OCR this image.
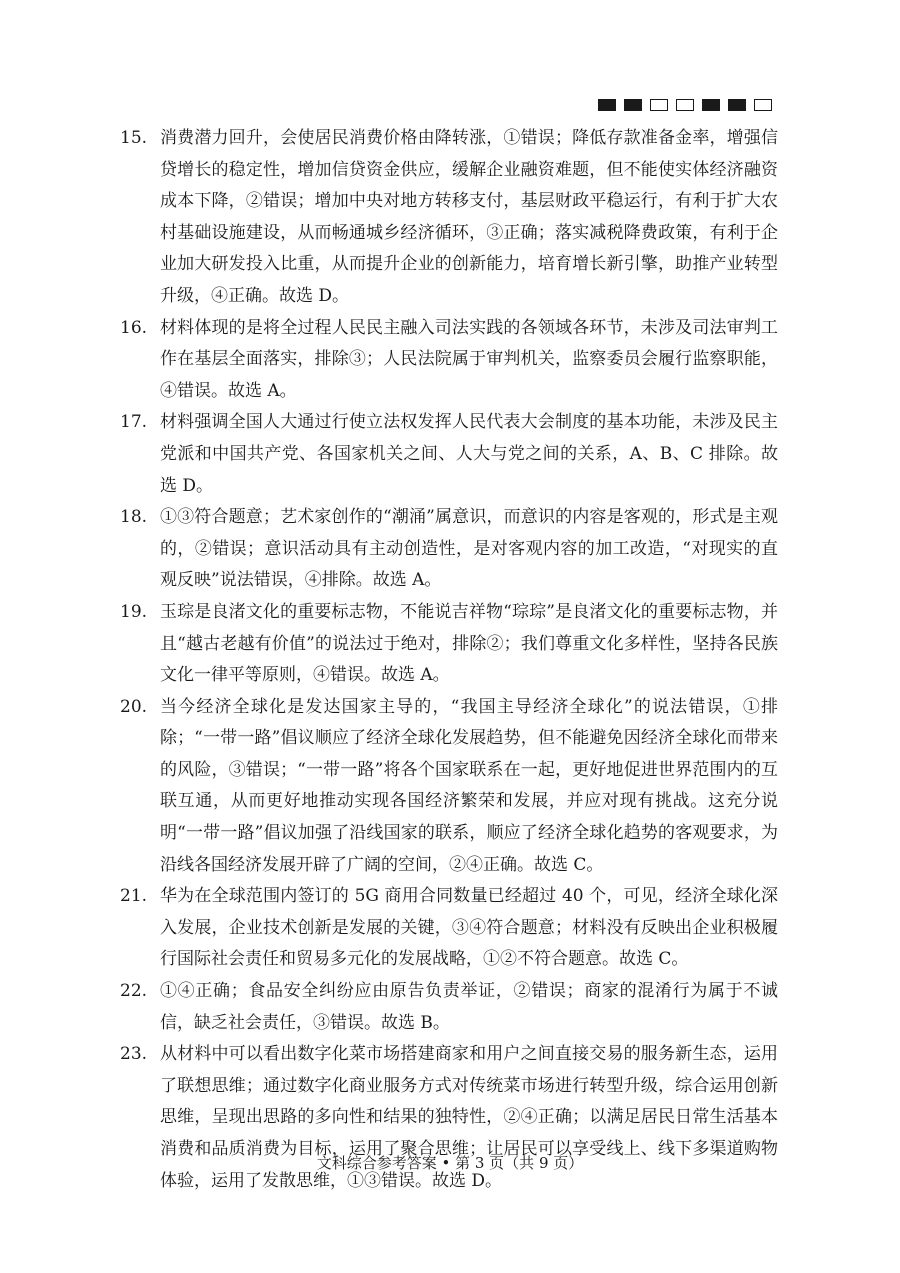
15. 消费潜力回升，会使居民消费价格由降转涨，①错误；降低存款准备金率，增强信贷增长的稳定性，增加信贷资金供应，缓解企业融资难题，但不能使实体经济融资成本下降，②错误；增加中央对地方转移支付，基层财政平稳运行，有利于扩大农村基础设施建设，从而畅通城乡经济循环，③正确；落实减税降费政策，有利于企业加大研发投入比重，从而提升企业的创新能力，培育增长新引擎，助推产业转型升级，④正确。故选 D。
16. 材料体现的是将全过程人民民主融入司法实践的各领域各环节，未涉及司法审判工作在基层全面落实，排除③；人民法院属于审判机关，监察委员会履行监察职能，④错误。故选 A。
17. 材料强调全国人大通过行使立法权发挥人民代表大会制度的基本功能，未涉及民主党派和中国共产党、各国家机关之间、人大与党之间的关系，A、B、C 排除。故选 D。
18. ①③符合题意；艺术家创作的“潮涌”属意识，而意识的内容是客观的，形式是主观的，②错误；意识活动具有主动创造性，是对客观内容的加工改造，“对现实的直观反映”说法错误，④排除。故选 A。
19. 玉琮是良渚文化的重要标志物，不能说吉祥物“琮琮”是良渚文化的重要标志物，并且“越古老越有价值”的说法过于绝对，排除②；我们尊重文化多样性，坚持各民族文化一律平等原则，④错误。故选 A。
20. 当今经济全球化是发达国家主导的，“我国主导经济全球化”的说法错误，①排除；“一带一路”倡议顺应了经济全球化发展趋势，但不能避免因经济全球化而带来的风险，③错误；“一带一路”将各个国家联系在一起，更好地促进世界范围内的互联互通，从而更好地推动实现各国经济繁荣和发展，并应对现有挑战。这充分说明“一带一路”倡议加强了沿线国家的联系，顺应了经济全球化趋势的客观要求，为沿线各国经济发展开辟了广阔的空间，②④正确。故选 C。
21. 华为在全球范围内签订的 5G 商用合同数量已经超过 40 个，可见，经济全球化深入发展，企业技术创新是发展的关键，③④符合题意；材料没有反映出企业积极履行国际社会责任和贸易多元化的发展战略，①②不符合题意。故选 C。
22. ①④正确；食品安全纠纷应由原告负责举证，②错误；商家的混淆行为属于不诚信，缺乏社会责任，③错误。故选 B。
23. 从材料中可以看出数字化菜市场搭建商家和用户之间直接交易的服务新生态，运用了联想思维；通过数字化商业服务方式对传统菜市场进行转型升级，综合运用创新思维，呈现出思路的多向性和结果的独特性，②④正确；以满足居民日常生活基本消费和品质消费为目标，运用了聚合思维；让居民可以享受线上、线下多渠道购物体验，运用了发散思维，①③错误。故选 D。
文科综合参考答案 • 第 3 页（共 9 页）
